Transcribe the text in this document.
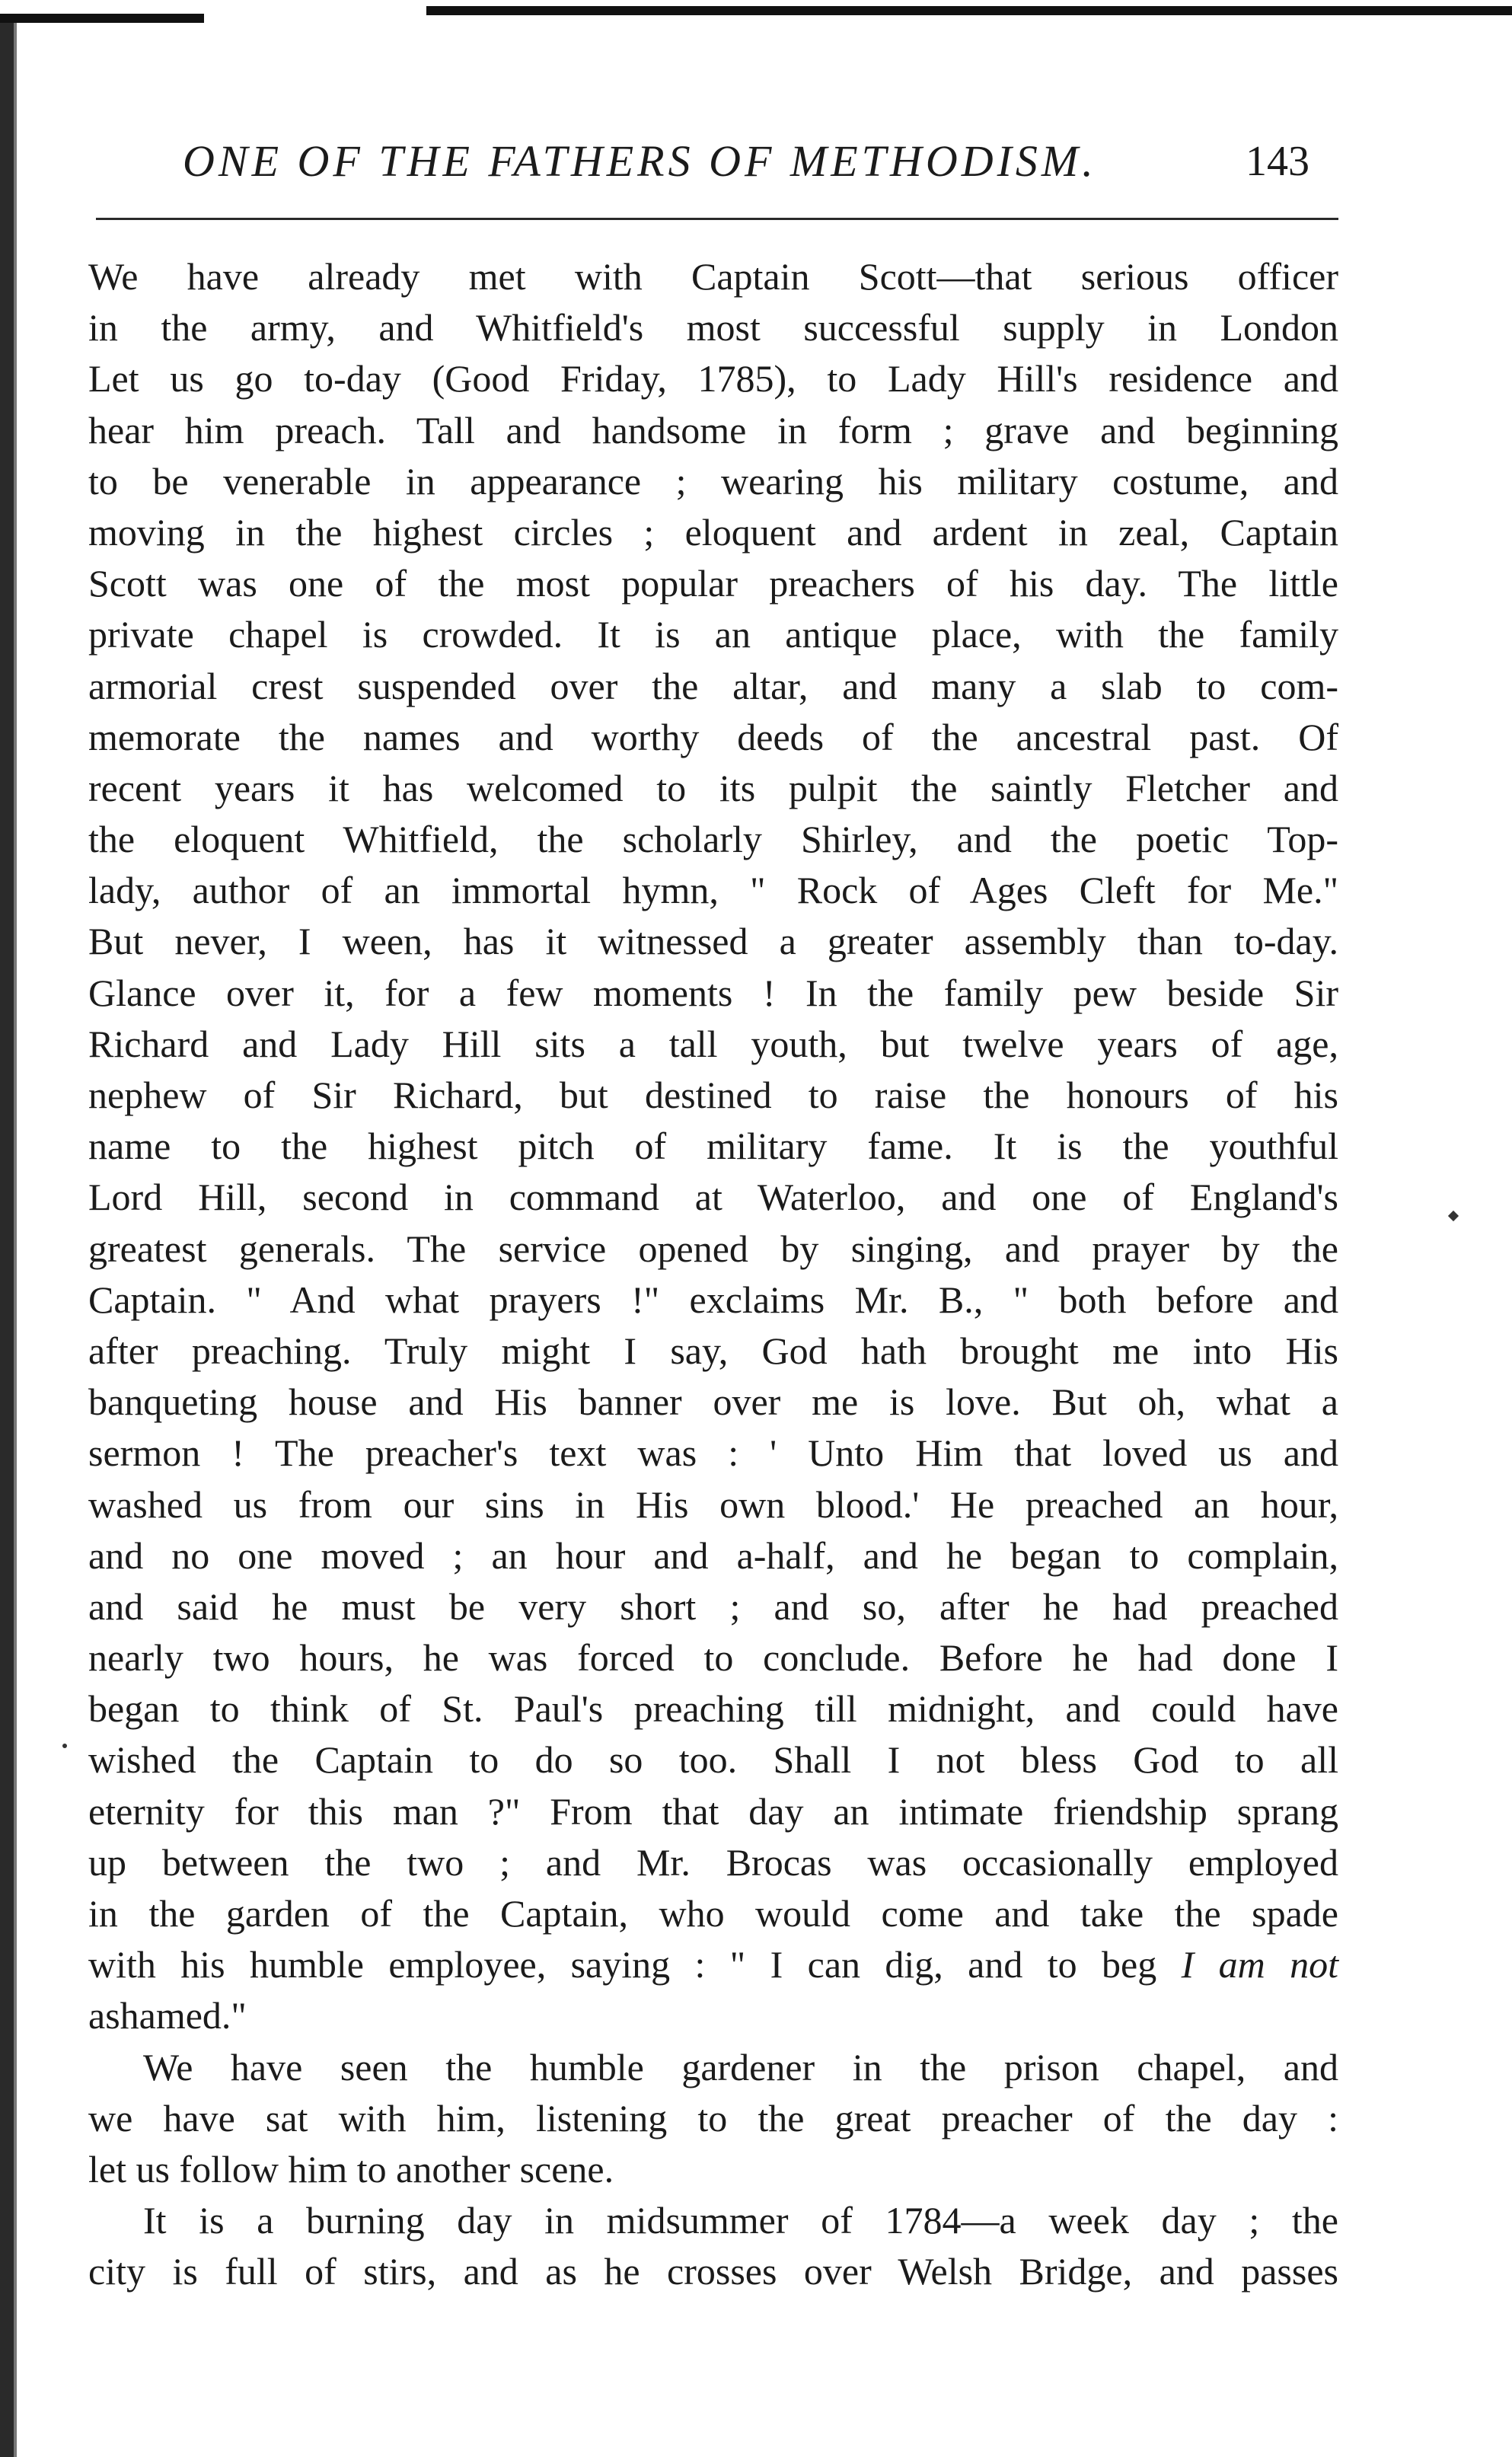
ONE OF THE FATHERS OF METHODISM.	143
We have already met with Captain Scott—that serious officer
in the army, and Whitfield's most successful supply in London
Let us go to-day (Good Friday, 1785), to Lady Hill's residence and
hear him preach. Tall and handsome in form ; grave and beginning
to be venerable in appearance ; wearing his military costume, and
moving in the highest circles ; eloquent and ardent in zeal, Captain
Scott was one of the most popular preachers of his day. The little
private chapel is crowded. It is an antique place, with the family
armorial crest suspended over the altar, and many a slab to com-
memorate the names and worthy deeds of the ancestral past. Of
recent years it has welcomed to its pulpit the saintly Fletcher and
the eloquent Whitfield, the scholarly Shirley, and the poetic Top-
lady, author of an immortal hymn, " Rock of Ages Cleft for Me."
But never, I ween, has it witnessed a greater assembly than to-day.
Glance over it, for a few moments ! In the family pew beside Sir
Richard and Lady Hill sits a tall youth, but twelve years of age,
nephew of Sir Richard, but destined to raise the honours of his
name to the highest pitch of military fame. It is the youthful
Lord Hill, second in command at Waterloo, and one of England's
greatest generals. The service opened by singing, and prayer by the
Captain. " And what prayers !" exclaims Mr. B., " both before and
after preaching. Truly might I say, God hath brought me into His
banqueting house and His banner over me is love. But oh, what a
sermon ! The preacher's text was : ' Unto Him that loved us and
washed us from our sins in His own blood.' He preached an hour,
and no one moved ; an hour and a-half, and he began to complain,
and said he must be very short ; and so, after he had preached
nearly two hours, he was forced to conclude. Before he had done I
began to think of St. Paul's preaching till midnight, and could have
wished the Captain to do so too. Shall I not bless God to all
eternity for this man ?" From that day an intimate friendship sprang
up between the two ; and Mr. Brocas was occasionally employed
in the garden of the Captain, who would come and take the spade
with his humble employee, saying : " I can dig, and to beg I am not
ashamed."
We have seen the humble gardener in the prison chapel, and
we have sat with him, listening to the great preacher of the day :
let us follow him to another scene.
It is a burning day in midsummer of 1784—a week day ; the
city is full of stirs, and as he crosses over Welsh Bridge, and passes
